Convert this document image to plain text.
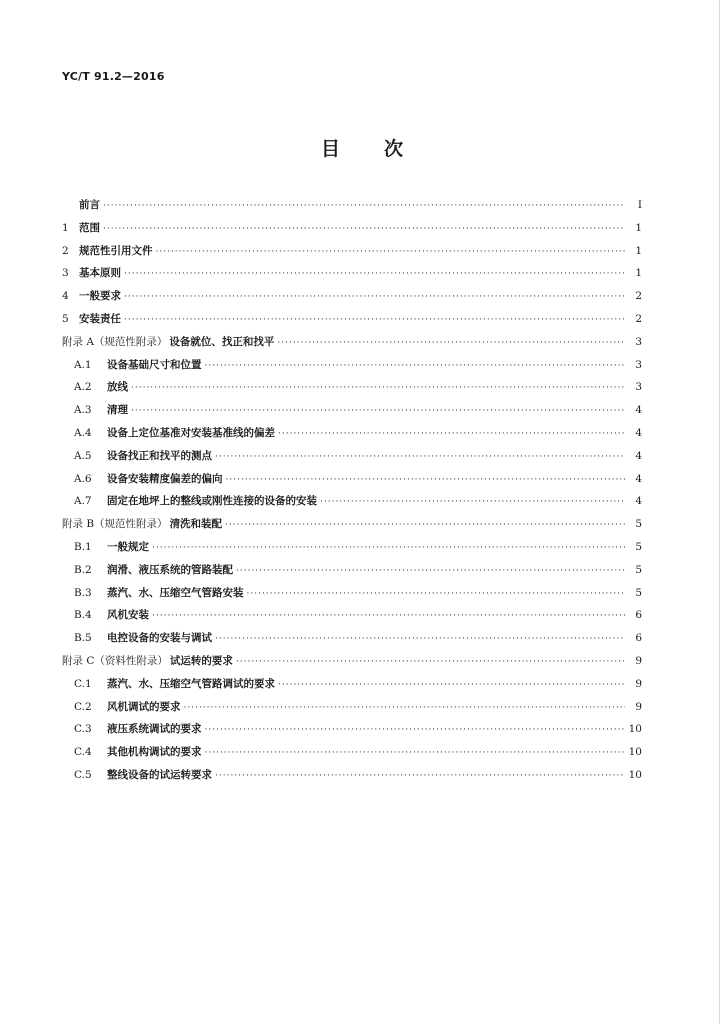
YC/T 91.2—2016
目次
前言 ·····	Ⅰ
1 范围 ·····	1
2 规范性引用文件 ·····	1
3 基本原则 ·····	1
4 一般要求 ·····	2
5 安装责任 ·····	2
附录 A（规范性附录） 设备就位、找正和找平 ·····	3
A.1	设备基础尺寸和位置 ·····	3
A.2	放线 ·····	3
A.3	清理 ·····	4
A.4	设备上定位基准对安装基准线的偏差 ·····	4
A.5	设备找正和找平的测点 ·····	4
A.6	设备安装精度偏差的偏向 ·····	4
A.7	固定在地坪上的整线或刚性连接的设备的安装 ·····	4
附录 B（规范性附录） 清洗和装配 ·····	5
B.1	一般规定 ·····	5
B.2	润滑、液压系统的管路装配 ·····	5
B.3	蒸汽、水、压缩空气管路安装 ·····	5
B.4	风机安装 ·····	6
B.5	电控设备的安装与调试 ·····	6
附录 C（资料性附录） 试运转的要求 ·····	9
C.1	蒸汽、水、压缩空气管路调试的要求 ·····	9
C.2	风机调试的要求 ·····	9
C.3	液压系统调试的要求 ·····	10
C.4	其他机构调试的要求 ·····	10
C.5	整线设备的试运转要求 ·····	10
